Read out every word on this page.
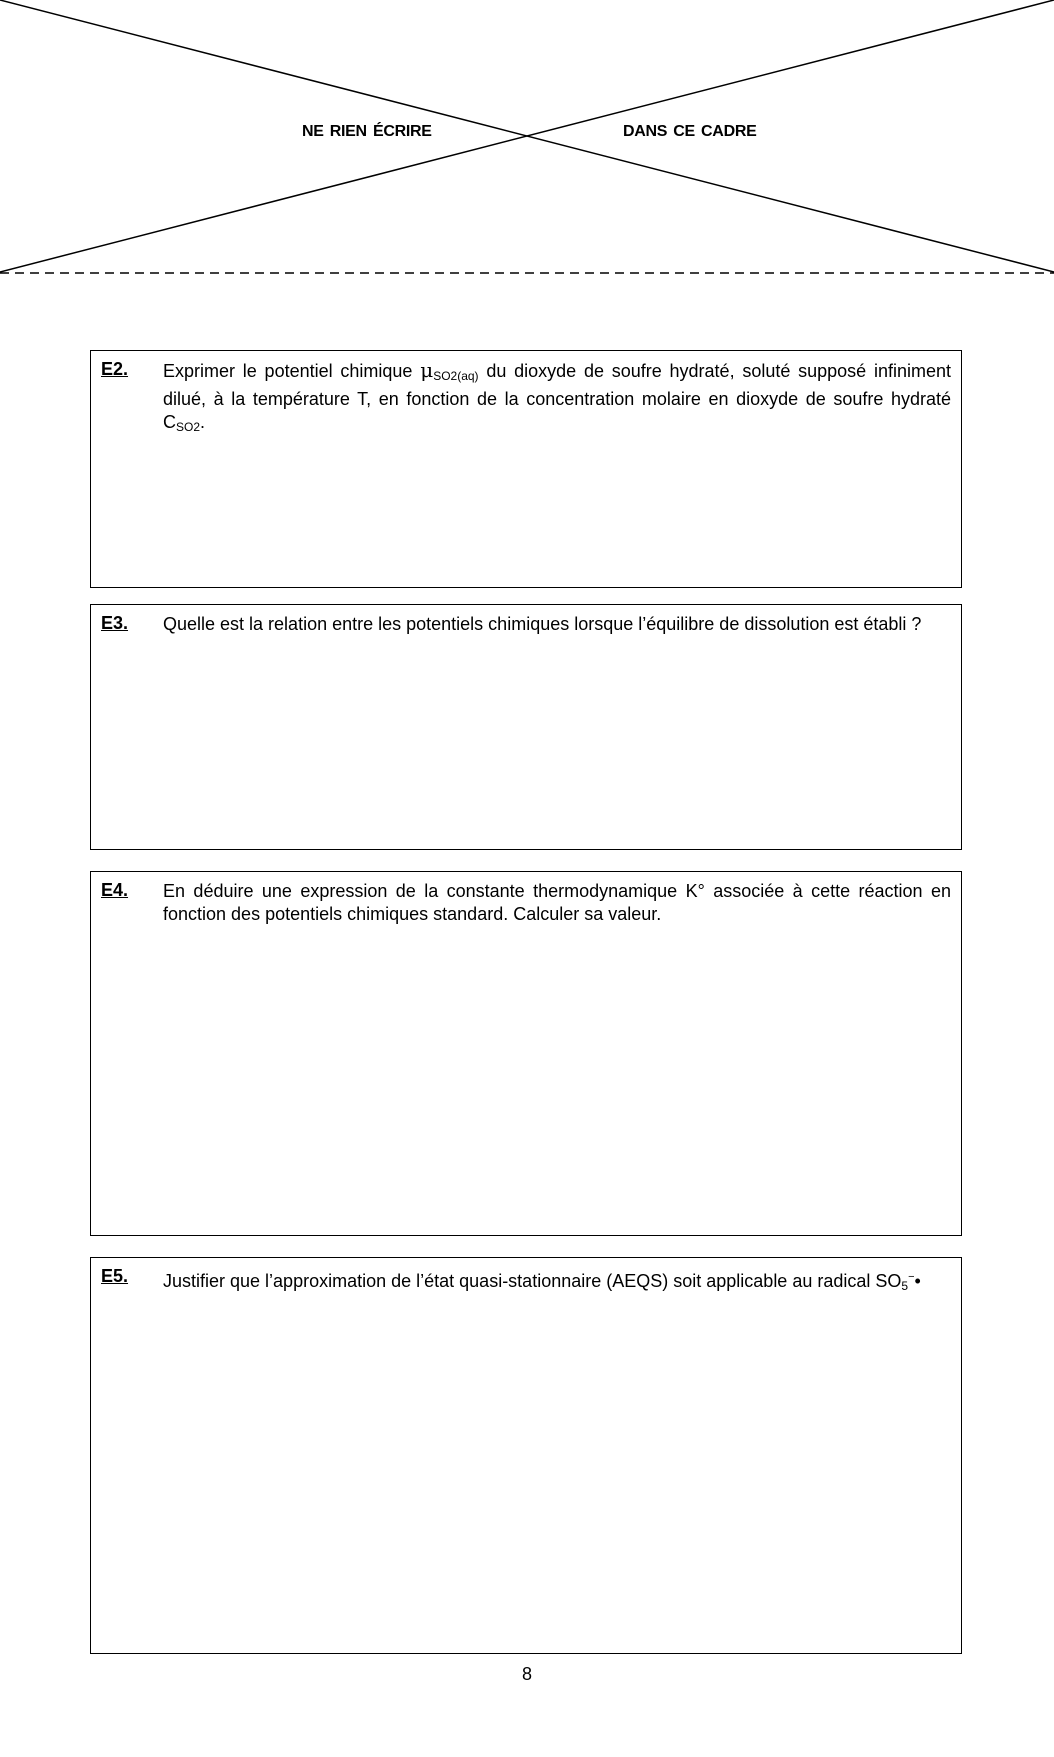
NE RIEN ÉCRIRE	DANS CE CADRE
E2. Exprimer le potentiel chimique $\mu_{SO2(aq)}$ du dioxyde de soufre hydraté, soluté supposé infiniment dilué, à la température T, en fonction de la concentration molaire en dioxyde de soufre hydraté $C_{SO2}$.
E3. Quelle est la relation entre les potentiels chimiques lorsque l’équilibre de dissolution est établi ?
E4. En déduire une expression de la constante thermodynamique K° associée à cette réaction en fonction des potentiels chimiques standard. Calculer sa valeur.
E5. Justifier que l’approximation de l’état quasi-stationnaire (AEQS) soit applicable au radical $SO_5^-•$
8
